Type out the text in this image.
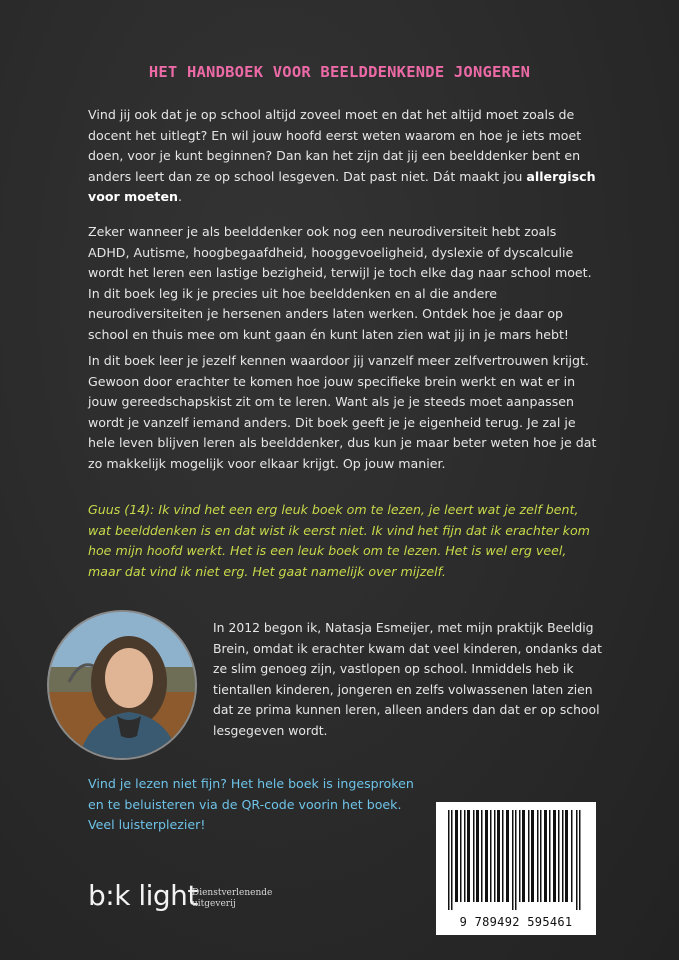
HET HANDBOEK VOOR BEELDDENKENDE JONGEREN

Vind jij ook dat je op school altijd zoveel moet en dat het altijd moet zoals de docent het uitlegt? En wil jouw hoofd eerst weten waarom en hoe je iets moet doen, voor je kunt beginnen? Dan kan het zijn dat jij een beelddenker bent en anders leert dan ze op school lesgeven. Dat past niet. Dát maakt jou allergisch voor moeten.

Zeker wanneer je als beelddenker ook nog een neurodiversiteit hebt zoals ADHD, Autisme, hoogbegaafdheid, hooggevoeligheid, dyslexie of dyscalculie wordt het leren een lastige bezigheid, terwijl je toch elke dag naar school moet. In dit boek leg ik je precies uit hoe beelddenken en al die andere neurodiversiteiten je hersenen anders laten werken. Ontdek hoe je daar op school en thuis mee om kunt gaan én kunt laten zien wat jij in je mars hebt!

In dit boek leer je jezelf kennen waardoor jij vanzelf meer zelfvertrouwen krijgt. Gewoon door erachter te komen hoe jouw specifieke brein werkt en wat er in jouw gereedschapskist zit om te leren. Want als je je steeds moet aanpassen wordt je vanzelf iemand anders. Dit boek geeft je je eigenheid terug. Je zal je hele leven blijven leren als beelddenker, dus kun je maar beter weten hoe je dat zo makkelijk mogelijk voor elkaar krijgt. Op jouw manier.

Guus (14): Ik vind het een erg leuk boek om te lezen, je leert wat je zelf bent, wat beelddenken is en dat wist ik eerst niet. Ik vind het fijn dat ik erachter kom hoe mijn hoofd werkt. Het is een leuk boek om te lezen. Het is wel erg veel, maar dat vind ik niet erg. Het gaat namelijk over mijzelf.

In 2012 begon ik, Natasja Esmeijer, met mijn praktijk Beeldig Brein, omdat ik erachter kwam dat veel kinderen, ondanks dat ze slim genoeg zijn, vastlopen op school. Inmiddels heb ik tientallen kinderen, jongeren en zelfs volwassenen laten zien dat ze prima kunnen leren, alleen anders dan dat er op school lesgegeven wordt.

Vind je lezen niet fijn? Het hele boek is ingesproken en te beluisteren via de QR-code voorin het boek. Veel luisterplezier!

9 789492 595461
b:k light

Dienstverlenende
uitgeverij
